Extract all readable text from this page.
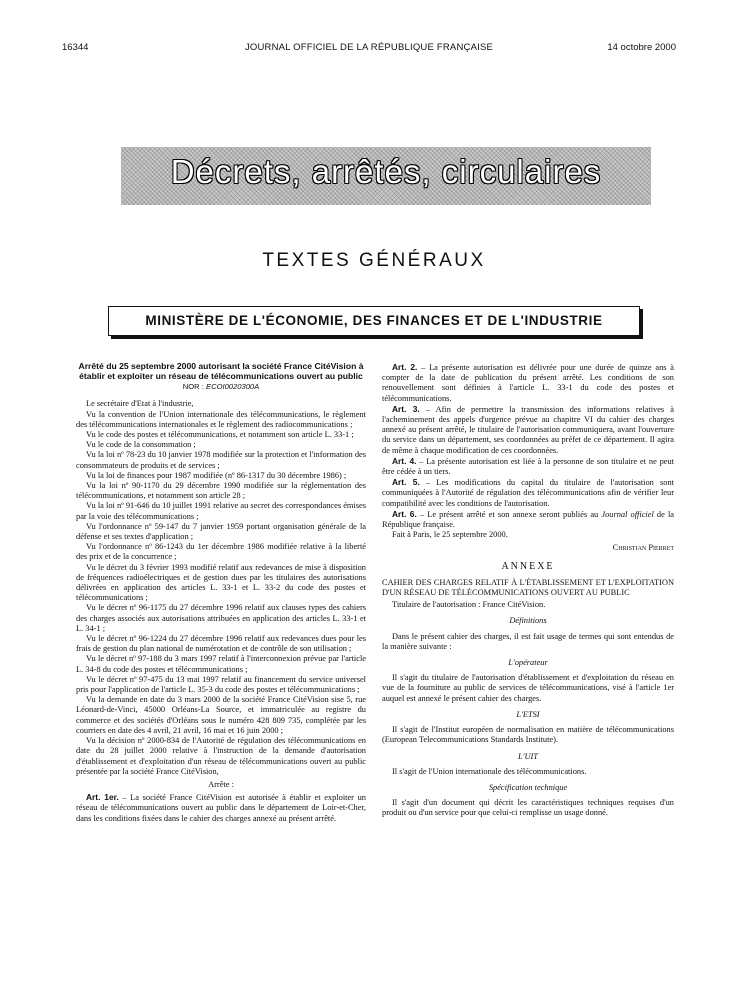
16344	JOURNAL OFFICIEL DE LA RÉPUBLIQUE FRANÇAISE	14 octobre 2000
Décrets, arrêtés, circulaires
TEXTES GÉNÉRAUX
MINISTÈRE DE L'ÉCONOMIE, DES FINANCES ET DE L'INDUSTRIE
Arrêté du 25 septembre 2000 autorisant la société France CitéVision à établir et exploiter un réseau de télécommunications ouvert au public
NOR : ECOI0020300A

Le secrétaire d'Etat à l'industrie,

Vu la convention de l'Union internationale des télécommunications, le règlement des télécommunications internationales et le règlement des radiocommunications ;

Vu le code des postes et télécommunications, et notamment son article L. 33-1 ;

Vu le code de la consommation ;

Vu la loi nº 78-23 du 10 janvier 1978 modifiée sur la protection et l'information des consommateurs de produits et de services ;

Vu la loi de finances pour 1987 modifiée (nº 86-1317 du 30 décembre 1986) ;

Vu la loi nº 90-1170 du 29 décembre 1990 modifiée sur la réglementation des télécommunications, et notamment son article 28 ;

Vu la loi nº 91-646 du 10 juillet 1991 relative au secret des correspondances émises par la voie des télécommunications ;

Vu l'ordonnance nº 59-147 du 7 janvier 1959 portant organisation générale de la défense et ses textes d'application ;

Vu l'ordonnance nº 86-1243 du 1er décembre 1986 modifiée relative à la liberté des prix et de la concurrence ;

Vu le décret du 3 février 1993 modifié relatif aux redevances de mise à disposition de fréquences radioélectriques et de gestion dues par les titulaires des autorisations délivrées en application des articles L. 33-1 et L. 33-2 du code des postes et télécommunications ;

Vu le décret nº 96-1175 du 27 décembre 1996 relatif aux clauses types des cahiers des charges associés aux autorisations attribuées en application des articles L. 33-1 et L. 34-1 ;

Vu le décret nº 96-1224 du 27 décembre 1996 relatif aux redevances dues pour les frais de gestion du plan national de numérotation et de contrôle de son utilisation ;

Vu le décret nº 97-188 du 3 mars 1997 relatif à l'interconnexion prévue par l'article L. 34-8 du code des postes et télécommunications ;

Vu le décret nº 97-475 du 13 mai 1997 relatif au financement du service universel pris pour l'application de l'article L. 35-3 du code des postes et télécommunications ;

Vu la demande en date du 3 mars 2000 de la société France CitéVision sise 5, rue Léonard-de-Vinci, 45000 Orléans-La Source, et immatriculée au registre du commerce et des sociétés d'Orléans sous le numéro 428 809 735, complétée par les courriers en date des 4 avril, 21 avril, 16 mai et 16 juin 2000 ;

Vu la décision nº 2000-834 de l'Autorité de régulation des télécommunications en date du 28 juillet 2000 relative à l'instruction de la demande d'autorisation d'établissement et d'exploitation d'un réseau de télécommunications ouvert au public présentée par la société France CitéVision,

Arrête :

Art. 1er. – La société France CitéVision est autorisée à établir et exploiter un réseau de télécommunications ouvert au public dans le département de Loir-et-Cher, dans les conditions fixées dans le cahier des charges annexé au présent arrêté.

Art. 2. – La présente autorisation est délivrée pour une durée de quinze ans à compter de la date de publication du présent arrêté. Les conditions de son renouvellement sont définies à l'article L. 33-1 du code des postes et télécommunications.

Art. 3. – Afin de permettre la transmission des informations relatives à l'acheminement des appels d'urgence prévue au chapitre VI du cahier des charges annexé au présent arrêté, le titulaire de l'autorisation communiquera, avant l'ouverture du service dans un département, ses coordonnées au préfet de ce département. Il agira de même à chaque modification de ces coordonnées.

Art. 4. – La présente autorisation est liée à la personne de son titulaire et ne peut être cédée à un tiers.

Art. 5. – Les modifications du capital du titulaire de l'autorisation sont communiquées à l'Autorité de régulation des télécommunications afin de vérifier leur compatibilité avec les conditions de l'autorisation.

Art. 6. – Le présent arrêté et son annexe seront publiés au Journal officiel de la République française.

Fait à Paris, le 25 septembre 2000.

Christian Pierret
ANNEXE
CAHIER DES CHARGES RELATIF À L'ÉTABLISSEMENT ET L'EXPLOITATION D'UN RÉSEAU DE TÉLÉCOMMUNICATIONS OUVERT AU PUBLIC

Titulaire de l'autorisation : France CitéVision.

Définitions

Dans le présent cahier des charges, il est fait usage de termes qui sont entendus de la manière suivante :

L'opérateur

Il s'agit du titulaire de l'autorisation d'établissement et d'exploitation du réseau en vue de la fourniture au public de services de télécommunications, visé à l'article 1er auquel est annexé le présent cahier des charges.

L'ETSI

Il s'agit de l'Institut européen de normalisation en matière de télécommunications (European Telecommunications Standards Institute).

L'UIT

Il s'agit de l'Union internationale des télécommunications.

Spécification technique

Il s'agit d'un document qui décrit les caractéristiques techniques requises d'un produit ou d'un service pour que celui-ci remplisse un usage donné.
